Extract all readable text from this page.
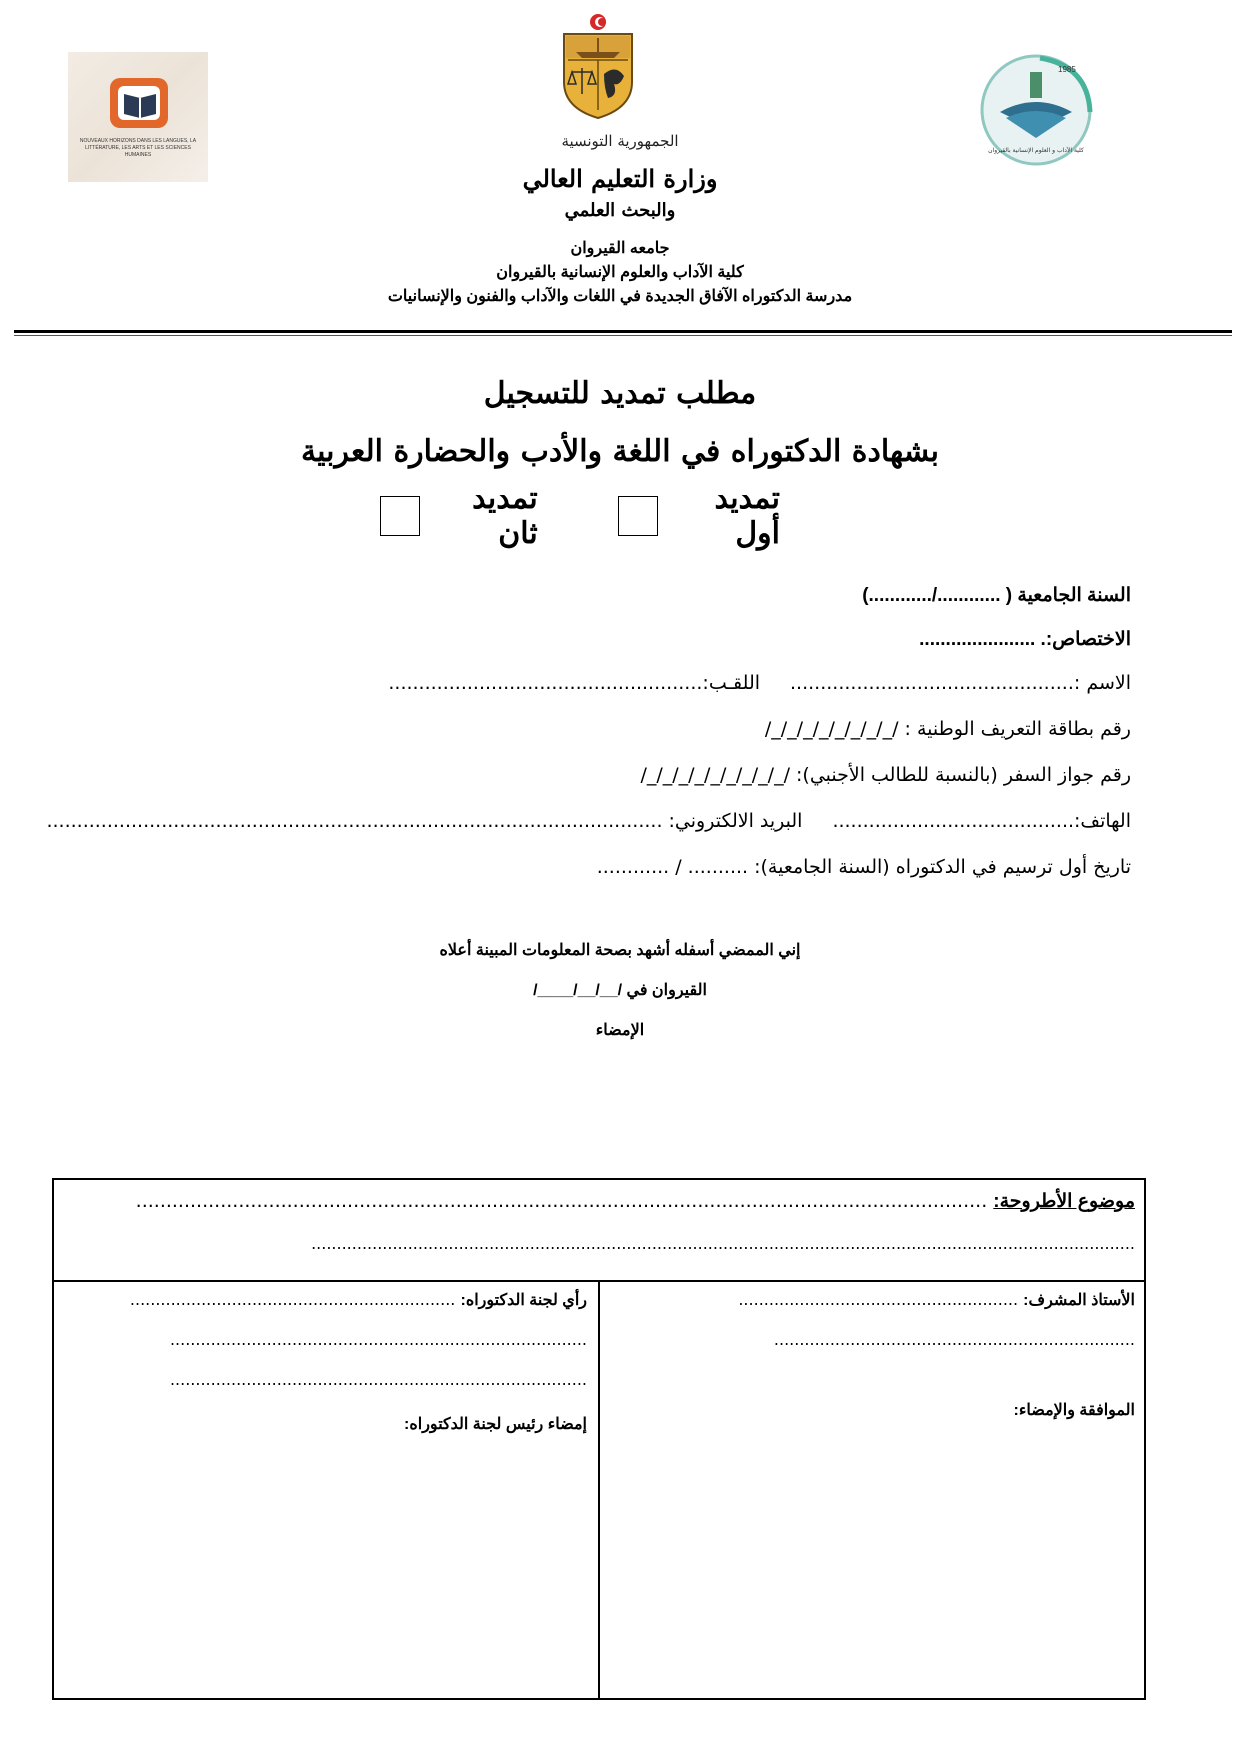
NOUVEAUX HORIZONS DANS LES LANGUES, LA LITTÉRATURE, LES ARTS ET LES SCIENCES HUMAINES
1985
كلية الآداب و العلوم الإنسانية بالقيروان
الجمهورية التونسية
وزارة التعليم العالي
والبحث العلمي
جامعه القيروان
كلية الآداب والعلوم الإنسانية بالقيروان
مدرسة الدكتوراه الآفاق الجديدة في اللغات والآداب والفنون والإنسانيات
مطلب تمديد للتسجيل
بشهادة الدكتوراه في اللغة والأدب والحضارة العربية
تمديد أول
تمديد ثان
السنة الجامعية ( ............/............)
الاختصاص:. ......................
الاسم :...............................................اللقـب:....................................................
رقم بطاقة التعريف الوطنية : /_/_/_/_/_/_/_/_/
رقم جواز السفر (بالنسبة للطالب الأجنبي): /_/_/_/_/_/_/_/_/_/
الهاتف:........................................البريد الالكتروني: ......................................................................................................
تاريخ أول ترسيم في الدكتوراه (السنة الجامعية): .......... / ............
إني الممضي أسفله أشهد بصحة المعلومات المبينة أعلاه
القيروان في /__/__/____/
الإمضاء
موضوع الأطروحة: .............................................................................................................................................
..................................................................................................................................................................
الأستاذ المشرف: .......................................................
.......................................................................
الموافقة والإمضاء:
رأي لجنة الدكتوراه: ................................................................
..................................................................................
..................................................................................
إمضاء رئيس لجنة الدكتوراه:
